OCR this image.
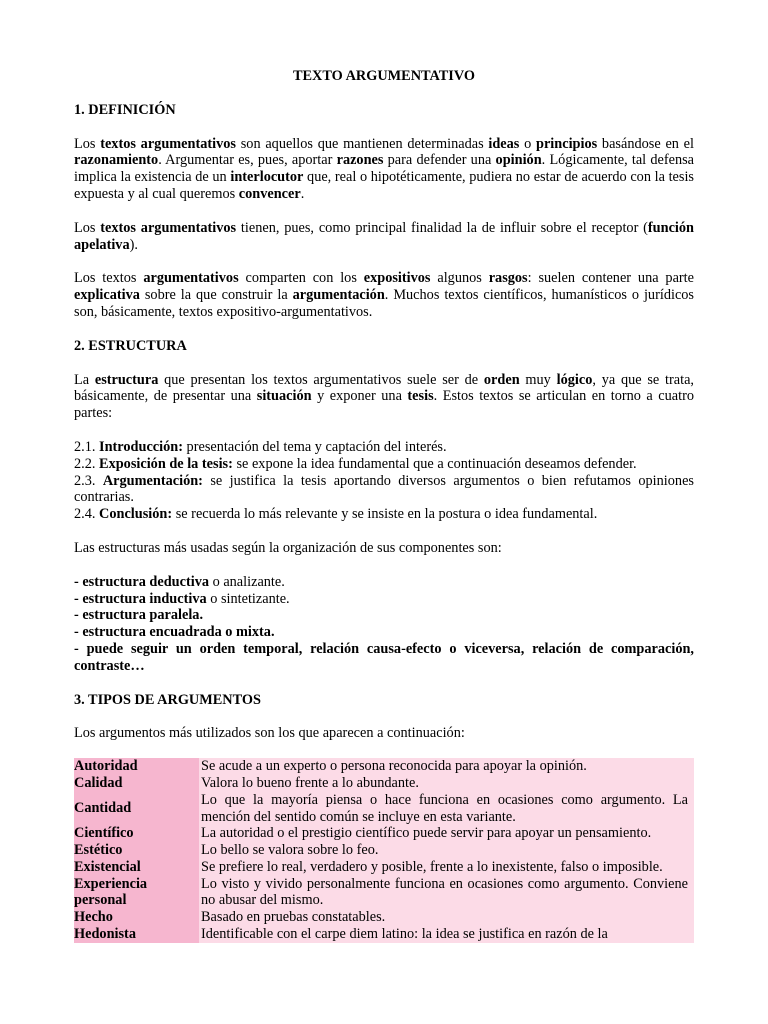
TEXTO ARGUMENTATIVO
1. DEFINICIÓN
Los textos argumentativos son aquellos que mantienen determinadas ideas o principios basándose en el razonamiento. Argumentar es, pues, aportar razones para defender una opinión. Lógicamente, tal defensa implica la existencia de un interlocutor que, real o hipotéticamente, pudiera no estar de acuerdo con la tesis expuesta y al cual queremos convencer.
Los textos argumentativos tienen, pues, como principal finalidad la de influir sobre el receptor (función apelativa).
Los textos argumentativos comparten con los expositivos algunos rasgos: suelen contener una parte explicativa sobre la que construir la argumentación. Muchos textos científicos, humanísticos o jurídicos son, básicamente, textos expositivo-argumentativos.
2. ESTRUCTURA
La estructura que presentan los textos argumentativos suele ser de orden muy lógico, ya que se trata, básicamente, de presentar una situación y exponer una tesis. Estos textos se articulan en torno a cuatro partes:
2.1. Introducción: presentación del tema y captación del interés.
2.2. Exposición de la tesis: se expone la idea fundamental que a continuación deseamos defender.
2.3. Argumentación: se justifica la tesis aportando diversos argumentos o bien refutamos opiniones contrarias.
2.4. Conclusión: se recuerda lo más relevante y se insiste en la postura o idea fundamental.
Las estructuras más usadas según la organización de sus componentes son:
- estructura deductiva o analizante.
- estructura inductiva o sintetizante.
- estructura paralela.
- estructura encuadrada o mixta.
- puede seguir un orden temporal, relación causa-efecto o viceversa, relación de comparación, contraste…
3. TIPOS DE ARGUMENTOS
Los argumentos más utilizados son los que aparecen a continuación:
Autoridad	Se acude a un experto o persona reconocida para apoyar la opinión.
Calidad	Valora lo bueno frente a lo abundante.
Cantidad	Lo que la mayoría piensa o hace funciona en ocasiones como argumento. La mención del sentido común se incluye en esta variante.
Científico	La autoridad o el prestigio científico puede servir para apoyar un pensamiento.
Estético	Lo bello se valora sobre lo feo.
Existencial	Se prefiere lo real, verdadero y posible, frente a lo inexistente, falso o imposible.
Experiencia personal	Lo visto y vivido personalmente funciona en ocasiones como argumento. Conviene no abusar del mismo.
Hecho	Basado en pruebas constatables.
Hedonista	Identificable con el carpe diem latino: la idea se justifica en razón de la
